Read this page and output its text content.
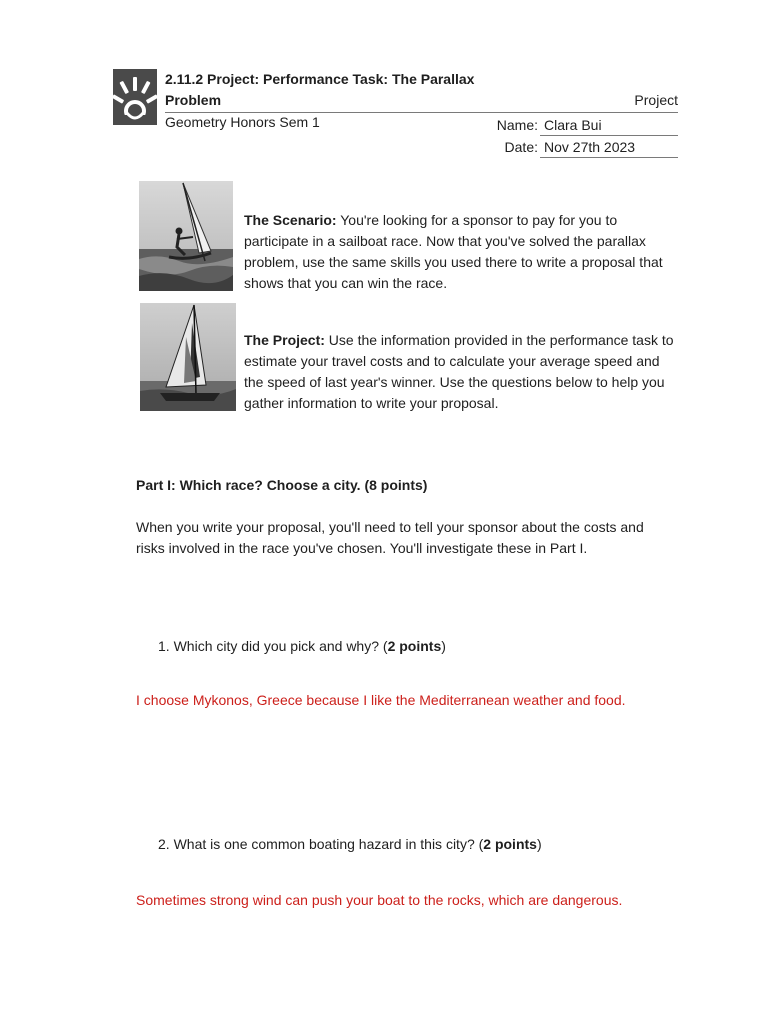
2.11.2 Project: Performance Task: The Parallax Problem	Project
Geometry Honors Sem 1	Name: Clara Bui
Date: Nov 27th 2023
The Scenario: You're looking for a sponsor to pay for you to participate in a sailboat race. Now that you've solved the parallax problem, use the same skills you used there to write a proposal that shows that you can win the race.
The Project: Use the information provided in the performance task to estimate your travel costs and to calculate your average speed and the speed of last year's winner. Use the questions below to help you gather information to write your proposal.
Part I: Which race? Choose a city. (8 points)
When you write your proposal, you'll need to tell your sponsor about the costs and risks involved in the race you've chosen. You'll investigate these in Part I.
1. Which city did you pick and why? (2 points)
I choose Mykonos, Greece because I like the Mediterranean weather and food.
2. What is one common boating hazard in this city? (2 points)
Sometimes strong wind can push your boat to the rocks, which are dangerous.
